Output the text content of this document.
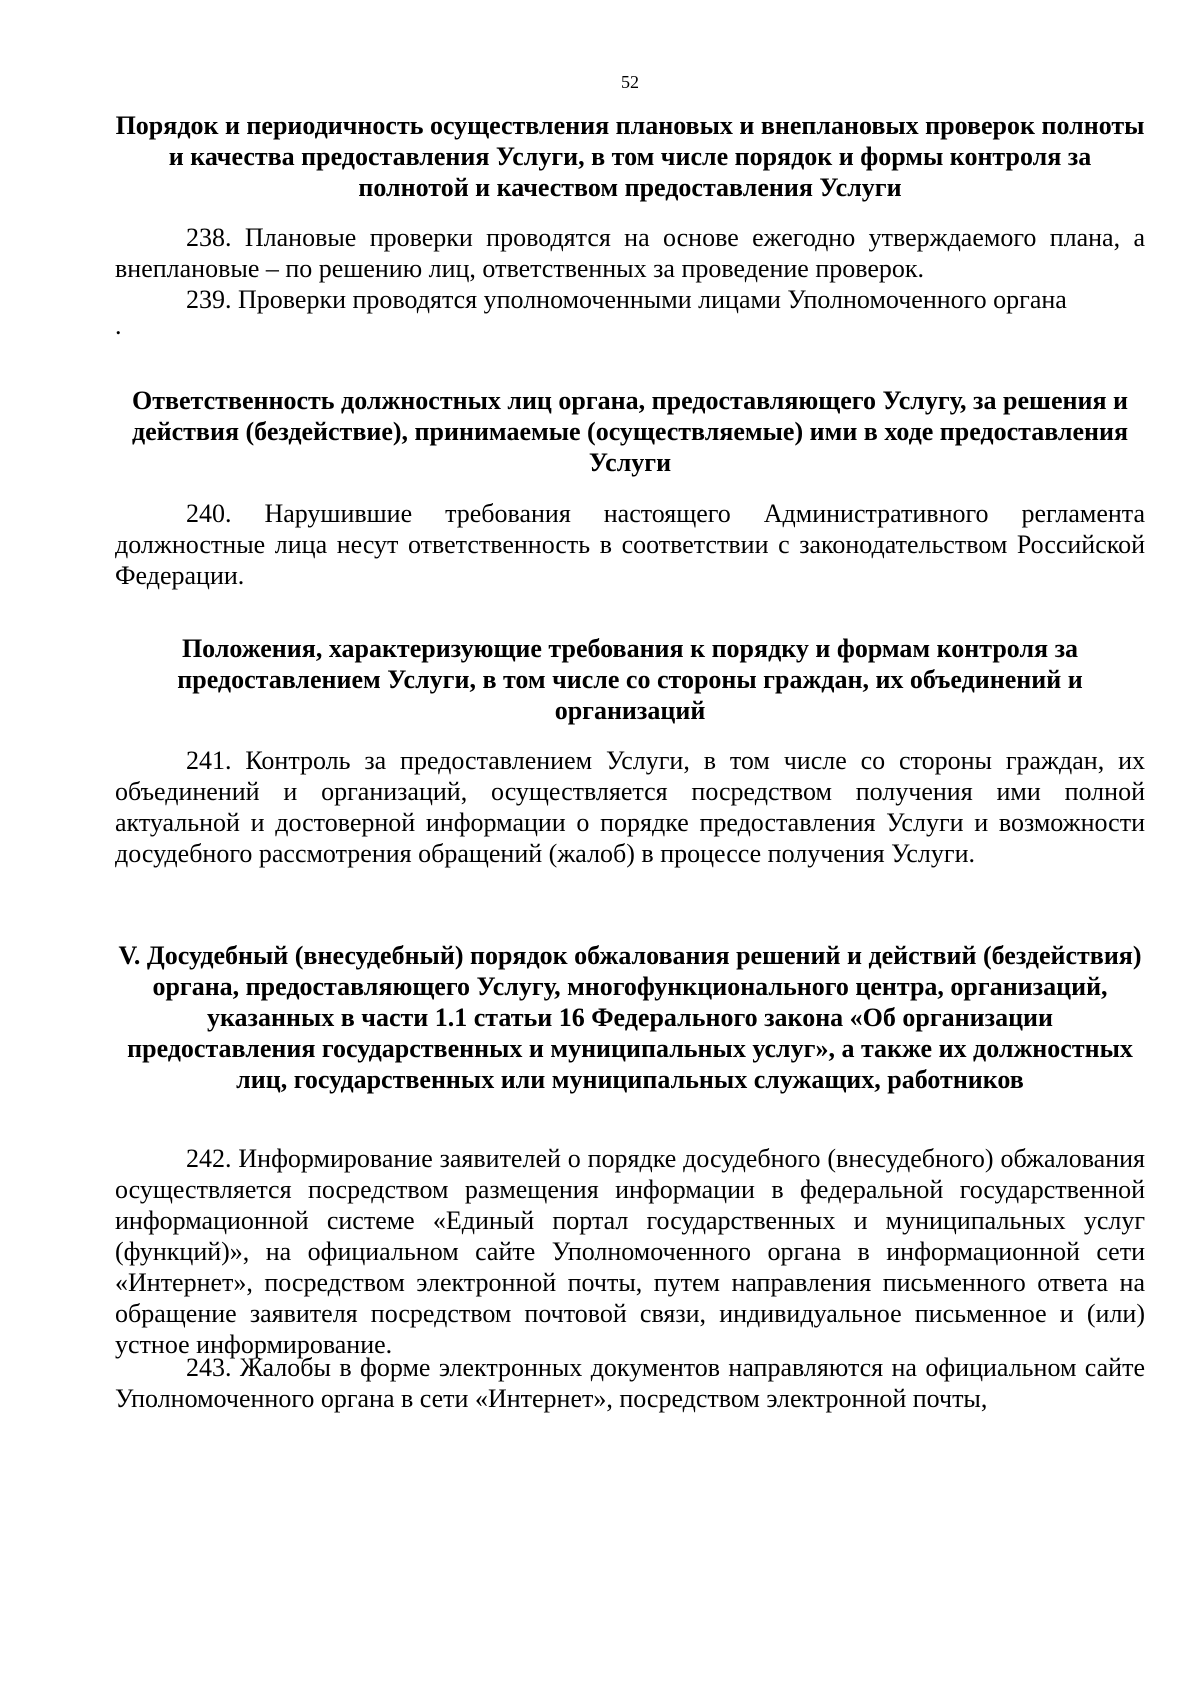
52
Порядок и периодичность осуществления плановых и внеплановых проверок полноты и качества предоставления Услуги, в том числе порядок и формы контроля за полнотой и качеством предоставления Услуги
238. Плановые проверки проводятся на основе ежегодно утверждаемого плана, а внеплановые – по решению лиц, ответственных за проведение проверок.
239. Проверки проводятся уполномоченными лицами Уполномоченного органа
.
Ответственность должностных лиц органа, предоставляющего Услугу, за решения и действия (бездействие), принимаемые (осуществляемые) ими в ходе предоставления Услуги
240. Нарушившие требования настоящего Административного регламента должностные лица несут ответственность в соответствии с законодательством Российской Федерации.
Положения, характеризующие требования к порядку и формам контроля за предоставлением Услуги, в том числе со стороны граждан, их объединений и организаций
241. Контроль за предоставлением Услуги, в том числе со стороны граждан, их объединений и организаций, осуществляется посредством получения ими полной актуальной и достоверной информации о порядке предоставления Услуги и возможности досудебного рассмотрения обращений (жалоб) в процессе получения Услуги.
V. Досудебный (внесудебный) порядок обжалования решений и действий (бездействия) органа, предоставляющего Услугу, многофункционального центра, организаций, указанных в части 1.1 статьи 16 Федерального закона «Об организации предоставления государственных и муниципальных услуг», а также их должностных лиц, государственных или муниципальных служащих, работников
242. Информирование заявителей о порядке досудебного (внесудебного) обжалования осуществляется посредством размещения информации в федеральной государственной информационной системе «Единый портал государственных и муниципальных услуг (функций)», на официальном сайте Уполномоченного органа в информационной сети «Интернет», посредством электронной почты, путем направления письменного ответа на обращение заявителя посредством почтовой связи, индивидуальное письменное и (или) устное информирование.
243. Жалобы в форме электронных документов направляются на официальном сайте Уполномоченного органа в сети «Интернет», посредством электронной почты,
